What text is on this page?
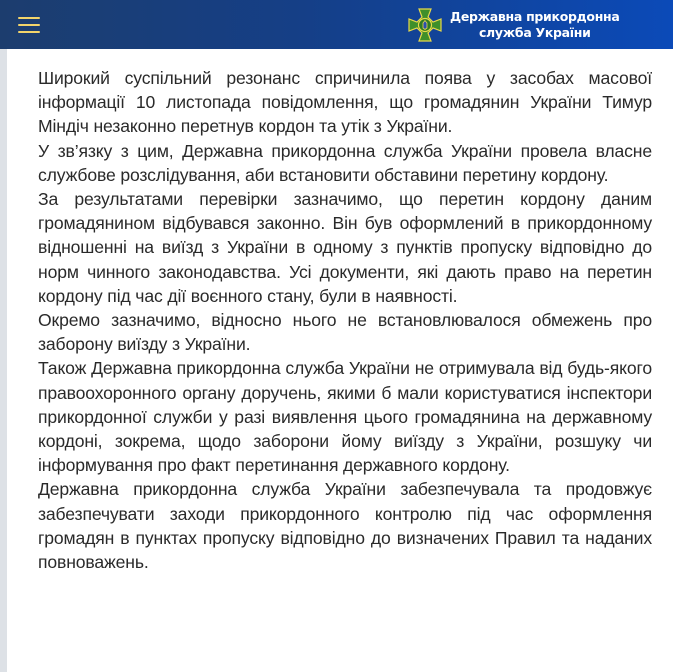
Державна прикордонна
служба України

Широкий суспільний резонанс спричинила поява у засобах масової інформації 10 листопада повідомлення, що громадянин України Тимур Міндіч незаконно перетнув кордон та утік з України.

У зв’язку з цим, Державна прикордонна служба України провела власне службове розслідування, аби встановити обставини перетину кордону.

За результатами перевірки зазначимо, що перетин кордону даним громадянином відбувався законно. Він був оформлений в прикордонному відношенні на виїзд з України в одному з пунктів пропуску відповідно до норм чинного законодавства. Усі документи, які дають право на перетин кордону під час дії воєнного стану, були в наявності.

Окремо зазначимо, відносно нього не встановлювалося обмежень про заборону виїзду з України.

Також Державна прикордонна служба України не отримувала від будь-якого правоохоронного органу доручень, якими б мали користуватися інспектори прикордонної служби у разі виявлення цього громадянина на державному кордоні, зокрема, щодо заборони йому виїзду з України, розшуку чи інформування про факт перетинання державного кордону.

Державна прикордонна служба України забезпечувала та продовжує забезпечувати заходи прикордонного контролю під час оформлення громадян в пунктах пропуску відповідно до визначених Правил та наданих повноважень.
